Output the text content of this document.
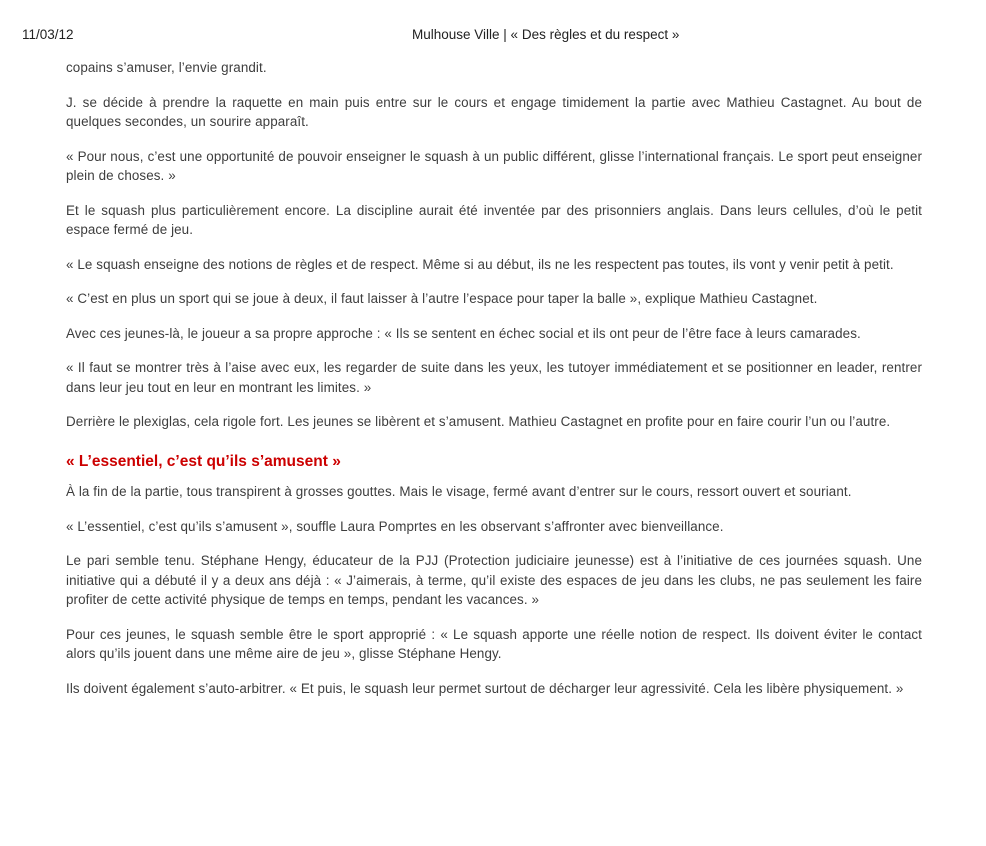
11/03/12	Mulhouse Ville | « Des règles et du respect »

copains s’amuser, l’envie grandit.

J. se décide à prendre la raquette en main puis entre sur le cours et engage timidement la partie avec Mathieu Castagnet. Au bout de quelques secondes, un sourire apparaît.

« Pour nous, c’est une opportunité de pouvoir enseigner le squash à un public différent, glisse l’international français. Le sport peut enseigner plein de choses. »

Et le squash plus particulièrement encore. La discipline aurait été inventée par des prisonniers anglais. Dans leurs cellules, d’où le petit espace fermé de jeu.

« Le squash enseigne des notions de règles et de respect. Même si au début, ils ne les respectent pas toutes, ils vont y venir petit à petit.

« C’est en plus un sport qui se joue à deux, il faut laisser à l’autre l’espace pour taper la balle », explique Mathieu Castagnet.

Avec ces jeunes-là, le joueur a sa propre approche : « Ils se sentent en échec social et ils ont peur de l’être face à leurs camarades.

« Il faut se montrer très à l’aise avec eux, les regarder de suite dans les yeux, les tutoyer immédiatement et se positionner en leader, rentrer dans leur jeu tout en leur en montrant les limites. »

Derrière le plexiglas, cela rigole fort. Les jeunes se libèrent et s’amusent. Mathieu Castagnet en profite pour en faire courir l’un ou l’autre.

« L’essentiel, c’est qu’ils s’amusent »

À la fin de la partie, tous transpirent à grosses gouttes. Mais le visage, fermé avant d’entrer sur le cours, ressort ouvert et souriant.

« L’essentiel, c’est qu’ils s’amusent », souffle Laura Pomprtes en les observant s’affronter avec bienveillance.

Le pari semble tenu. Stéphane Hengy, éducateur de la PJJ (Protection judiciaire jeunesse) est à l’initiative de ces journées squash. Une initiative qui a débuté il y a deux ans déjà : « J’aimerais, à terme, qu’il existe des espaces de jeu dans les clubs, ne pas seulement les faire profiter de cette activité physique de temps en temps, pendant les vacances. »

Pour ces jeunes, le squash semble être le sport approprié : « Le squash apporte une réelle notion de respect. Ils doivent éviter le contact alors qu’ils jouent dans une même aire de jeu », glisse Stéphane Hengy.

Ils doivent également s’auto-arbitrer. « Et puis, le squash leur permet surtout de décharger leur agressivité. Cela les libère physiquement. »
